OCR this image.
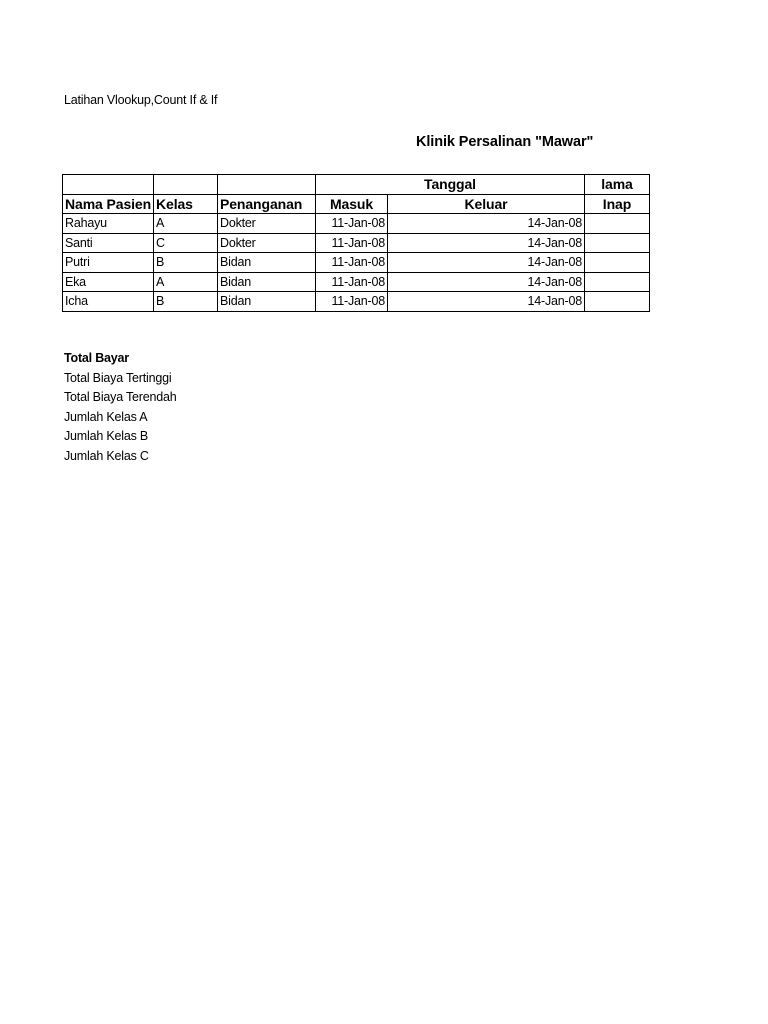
Latihan Vlookup,Count If & If
Klinik Persalinan "Mawar"
			Tanggal		lama
Nama Pasien	Kelas	Penanganan	Masuk	Keluar	Inap
Rahayu	A	Dokter	11-Jan-08	14-Jan-08	
Santi	C	Dokter	11-Jan-08	14-Jan-08	
Putri	B	Bidan	11-Jan-08	14-Jan-08	
Eka	A	Bidan	11-Jan-08	14-Jan-08	
Icha	B	Bidan	11-Jan-08	14-Jan-08	
Total Bayar
Total Biaya Tertinggi
Total Biaya Terendah
Jumlah Kelas A
Jumlah Kelas B
Jumlah Kelas C
